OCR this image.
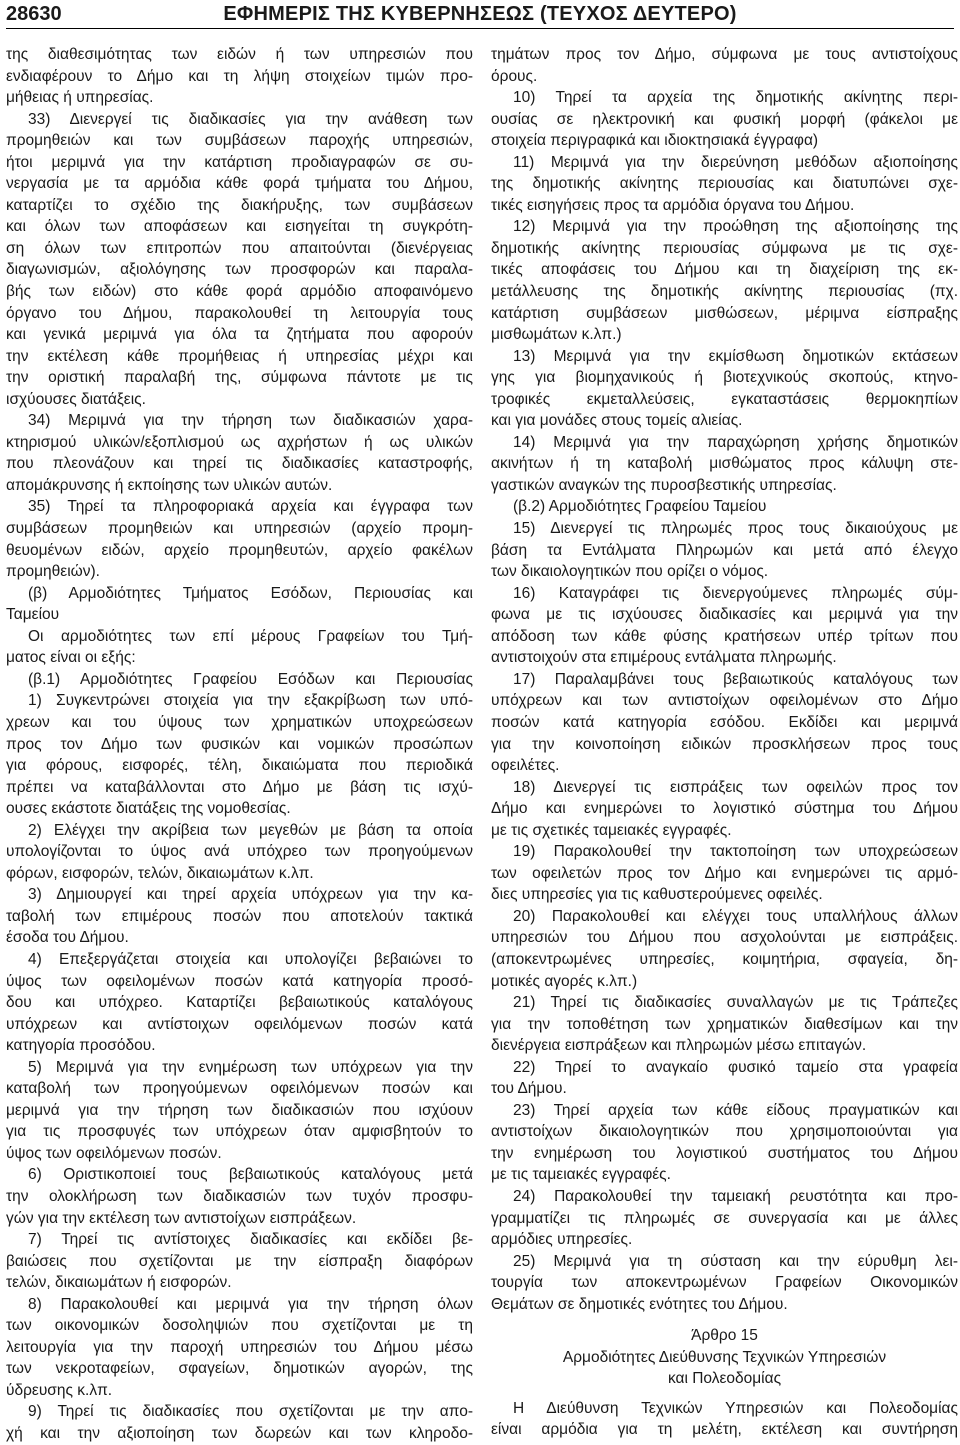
28630	ΕΦΗΜΕΡΙΣ ΤΗΣ ΚΥΒΕΡΝΗΣΕΩΣ (ΤΕΥΧΟΣ ΔΕΥΤΕΡΟ)

της διαθεσιμότητας των ειδών ή των υπηρεσιών που

ενδιαφέρουν το Δήμο και τη λήψη στοιχείων τιμών προ-

μήθειας ή υπηρεσίας.

33) Διενεργεί τις διαδικασίες για την ανάθεση των

προμηθειών και των συμβάσεων παροχής υπηρεσιών,

ήτοι μεριμνά για την κατάρτιση προδιαγραφών σε συ-

νεργασία με τα αρμόδια κάθε φορά τμήματα του Δήμου,

καταρτίζει το σχέδιο της διακήρυξης, των συμβάσεων

και όλων των αποφάσεων και εισηγείται τη συγκρότη-

ση όλων των επιτροπών που απαιτούνται (διενέργειας

διαγωνισμών, αξιολόγησης των προσφορών και παραλα-

βής των ειδών) στο κάθε φορά αρμόδιο αποφαινόμενο

όργανο του Δήμου, παρακολουθεί τη λειτουργία τους

και γενικά μεριμνά για όλα τα ζητήματα που αφορούν

την εκτέλεση κάθε προμήθειας ή υπηρεσίας μέχρι και

την οριστική παραλαβή της, σύμφωνα πάντοτε με τις

ισχύουσες διατάξεις.

34) Μεριμνά για την τήρηση των διαδικασιών χαρα-

κτηρισμού υλικών/εξοπλισμού ως αχρήστων ή ως υλικών

που πλεονάζουν και τηρεί τις διαδικασίες καταστροφής,

απομάκρυνσης ή εκποίησης των υλικών αυτών.

35) Τηρεί τα πληροφοριακά αρχεία και έγγραφα των

συμβάσεων προμηθειών και υπηρεσιών (αρχείο προμη-

θευομένων ειδών, αρχείο προμηθευτών, αρχείο φακέλων

προμηθειών).

(β) Αρμοδιότητες Τμήματος Εσόδων, Περιουσίας και

Ταμείου

Οι αρμοδιότητες των επί μέρους Γραφείων του Τμή-

ματος είναι οι εξής:

(β.1) Αρμοδιότητες Γραφείου Εσόδων και Περιουσίας

1) Συγκεντρώνει στοιχεία για την εξακρίβωση των υπό-

χρεων και του ύψους των χρηματικών υποχρεώσεων

προς τον Δήμο των φυσικών και νομικών προσώπων

για φόρους, εισφορές, τέλη, δικαιώματα που περιοδικά

πρέπει να καταβάλλονται στο Δήμο με βάση τις ισχύ-

ουσες εκάστοτε διατάξεις της νομοθεσίας.

2) Ελέγχει την ακρίβεια των μεγεθών με βάση τα οποία

υπολογίζονται το ύψος ανά υπόχρεο των προηγούμενων

φόρων, εισφορών, τελών, δικαιωμάτων κ.λπ.

3) Δημιουργεί και τηρεί αρχεία υπόχρεων για την κα-

ταβολή των επιμέρους ποσών που αποτελούν τακτικά

έσοδα του Δήμου.

4) Επεξεργάζεται στοιχεία και υπολογίζει βεβαιώνει το

ύψος των οφειλομένων ποσών κατά κατηγορία προσό-

δου και υπόχρεο. Καταρτίζει βεβαιωτικούς καταλόγους

υπόχρεων και αντίστοιχων οφειλόμενων ποσών κατά

κατηγορία προσόδου.

5) Μεριμνά για την ενημέρωση των υπόχρεων για την

καταβολή των προηγούμενων οφειλόμενων ποσών και

μεριμνά για την τήρηση των διαδικασιών που ισχύουν

για τις προσφυγές των υπόχρεων όταν αμφισβητούν το

ύψος των οφειλόμενων ποσών.

6) Οριστικοποιεί τους βεβαιωτικούς καταλόγους μετά

την ολοκλήρωση των διαδικασιών των τυχόν προσφυ-

γών για την εκτέλεση των αντιστοίχων εισπράξεων.

7) Τηρεί τις αντίστοιχες διαδικασίες και εκδίδει βε-

βαιώσεις που σχετίζονται με την είσπραξη διαφόρων

τελών, δικαιωμάτων ή εισφορών.

8) Παρακολουθεί και μεριμνά για την τήρηση όλων

των οικονομικών δοσοληψιών που σχετίζονται με τη

λειτουργία για την παροχή υπηρεσιών του Δήμου μέσω

των νεκροταφείων, σφαγείων, δημοτικών αγορών, της

ύδρευσης κ.λπ.

9) Τηρεί τις διαδικασίες που σχετίζονται με την απο-

χή και την αξιοποίηση των δωρεών και των κληροδο-

τημάτων προς τον Δήμο, σύμφωνα με τους αντιστοίχους

όρους.

10) Τηρεί τα αρχεία της δημοτικής ακίνητης περι-

ουσίας σε ηλεκτρονική και φυσική μορφή (φάκελοι με

στοιχεία περιγραφικά και ιδιοκτησιακά έγγραφα)

11) Μεριμνά για την διερεύνηση μεθόδων αξιοποίησης

της δημοτικής ακίνητης περιουσίας και διατυπώνει σχε-

τικές εισηγήσεις προς τα αρμόδια όργανα του Δήμου.

12) Μεριμνά για την προώθηση της αξιοποίησης της

δημοτικής ακίνητης περιουσίας σύμφωνα με τις σχε-

τικές αποφάσεις του Δήμου και τη διαχείριση της εκ-

μετάλλευσης της δημοτικής ακίνητης περιουσίας (πχ.

κατάρτιση συμβάσεων μισθώσεων, μέριμνα είσπραξης

μισθωμάτων κ.λπ.)

13) Μεριμνά για την εκμίσθωση δημοτικών εκτάσεων

γης για βιομηχανικούς ή βιοτεχνικούς σκοπούς, κτηνο-

τροφικές εκμεταλλεύσεις, εγκαταστάσεις θερμοκηπίων

και για μονάδες στους τομείς αλιείας.

14) Μεριμνά για την παραχώρηση χρήσης δημοτικών

ακινήτων ή τη καταβολή μισθώματος προς κάλυψη στε-

γαστικών αναγκών της πυροσβεστικής υπηρεσίας.

(β.2) Αρμοδιότητες Γραφείου Ταμείου

15) Διενεργεί τις πληρωμές προς τους δικαιούχους με

βάση τα Εντάλματα Πληρωμών και μετά από έλεγχο

των δικαιολογητικών που ορίζει ο νόμος.

16) Καταγράφει τις διενεργούμενες πληρωμές σύμ-

φωνα με τις ισχύουσες διαδικασίες και μεριμνά για την

απόδοση των κάθε φύσης κρατήσεων υπέρ τρίτων που

αντιστοιχούν στα επιμέρους εντάλματα πληρωμής.

17) Παραλαμβάνει τους βεβαιωτικούς καταλόγους των

υπόχρεων και των αντιστοίχων οφειλομένων στο Δήμο

ποσών κατά κατηγορία εσόδου. Εκδίδει και μεριμνά

για την κοινοποίηση ειδικών προσκλήσεων προς τους

οφειλέτες.

18) Διενεργεί τις εισπράξεις των οφειλών προς τον

Δήμο και ενημερώνει το λογιστικό σύστημα του Δήμου

με τις σχετικές ταμειακές εγγραφές.

19) Παρακολουθεί την τακτοποίηση των υποχρεώσεων

των οφειλετών προς τον Δήμο και ενημερώνει τις αρμό-

διες υπηρεσίες για τις καθυστερούμενες οφειλές.

20) Παρακολουθεί και ελέγχει τους υπαλλήλους άλλων

υπηρεσιών του Δήμου που ασχολούνται με εισπράξεις.

(αποκεντρωμένες υπηρεσίες, κοιμητήρια, σφαγεία, δη-

μοτικές αγορές κ.λπ.)

21) Τηρεί τις διαδικασίες συναλλαγών με τις Τράπεζες

για την τοποθέτηση των χρηματικών διαθεσίμων και την

διενέργεια εισπράξεων και πληρωμών μέσω επιταγών.

22) Τηρεί το αναγκαίο φυσικό ταμείο στα γραφεία

του Δήμου.

23) Τηρεί αρχεία των κάθε είδους πραγματικών και

αντιστοίχων δικαιολογητικών που χρησιμοποιούνται για

την ενημέρωση του λογιστικού συστήματος του Δήμου

με τις ταμειακές εγγραφές.

24) Παρακολουθεί την ταμειακή ρευστότητα και προ-

γραμματίζει τις πληρωμές σε συνεργασία και με άλλες

αρμόδιες υπηρεσίες.

25) Μεριμνά για τη σύσταση και την εύρυθμη λει-

τουργία των αποκεντρωμένων Γραφείων Οικονομικών

Θεμάτων σε δημοτικές ενότητες του Δήμου.

Άρθρο 15

Αρμοδιότητες Διεύθυνσης Τεχνικών Υπηρεσιών

και Πολεοδομίας

Η Διεύθυνση Τεχνικών Υπηρεσιών και Πολεοδομίας

είναι αρμόδια για τη μελέτη, εκτέλεση και συντήρηση
